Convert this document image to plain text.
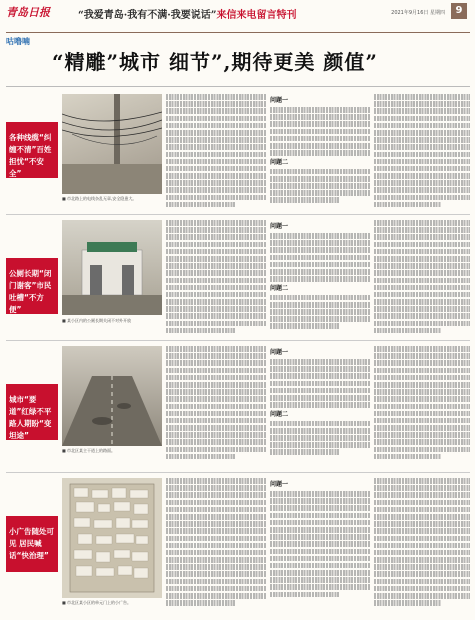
青岛日报	“我爱青岛·我有不满·我要说话”来信来电留言特刊	2021年9月16日 星期四	9
咕噜喃
“精雕”城市 细节”,期待更美 颜值”
各种线缆“纠缠不清”百姓担忧“不安全”
■ 市北路上的电线杂乱无章,安全隐患大。
问题一
问题二
公厕长期“闭门谢客”市民吐槽“不方便”
■ 某小区内的公厕长期关闭不对外开放
问题一
问题二
城市“要道”红绿不平路人期盼“变坦途”
■ 市北区某主干道上的路面。
问题一
问题二
小广告随处可见 居民喊话“快治理”
■ 市北区某小区的单元门上的小广告。
问题一
